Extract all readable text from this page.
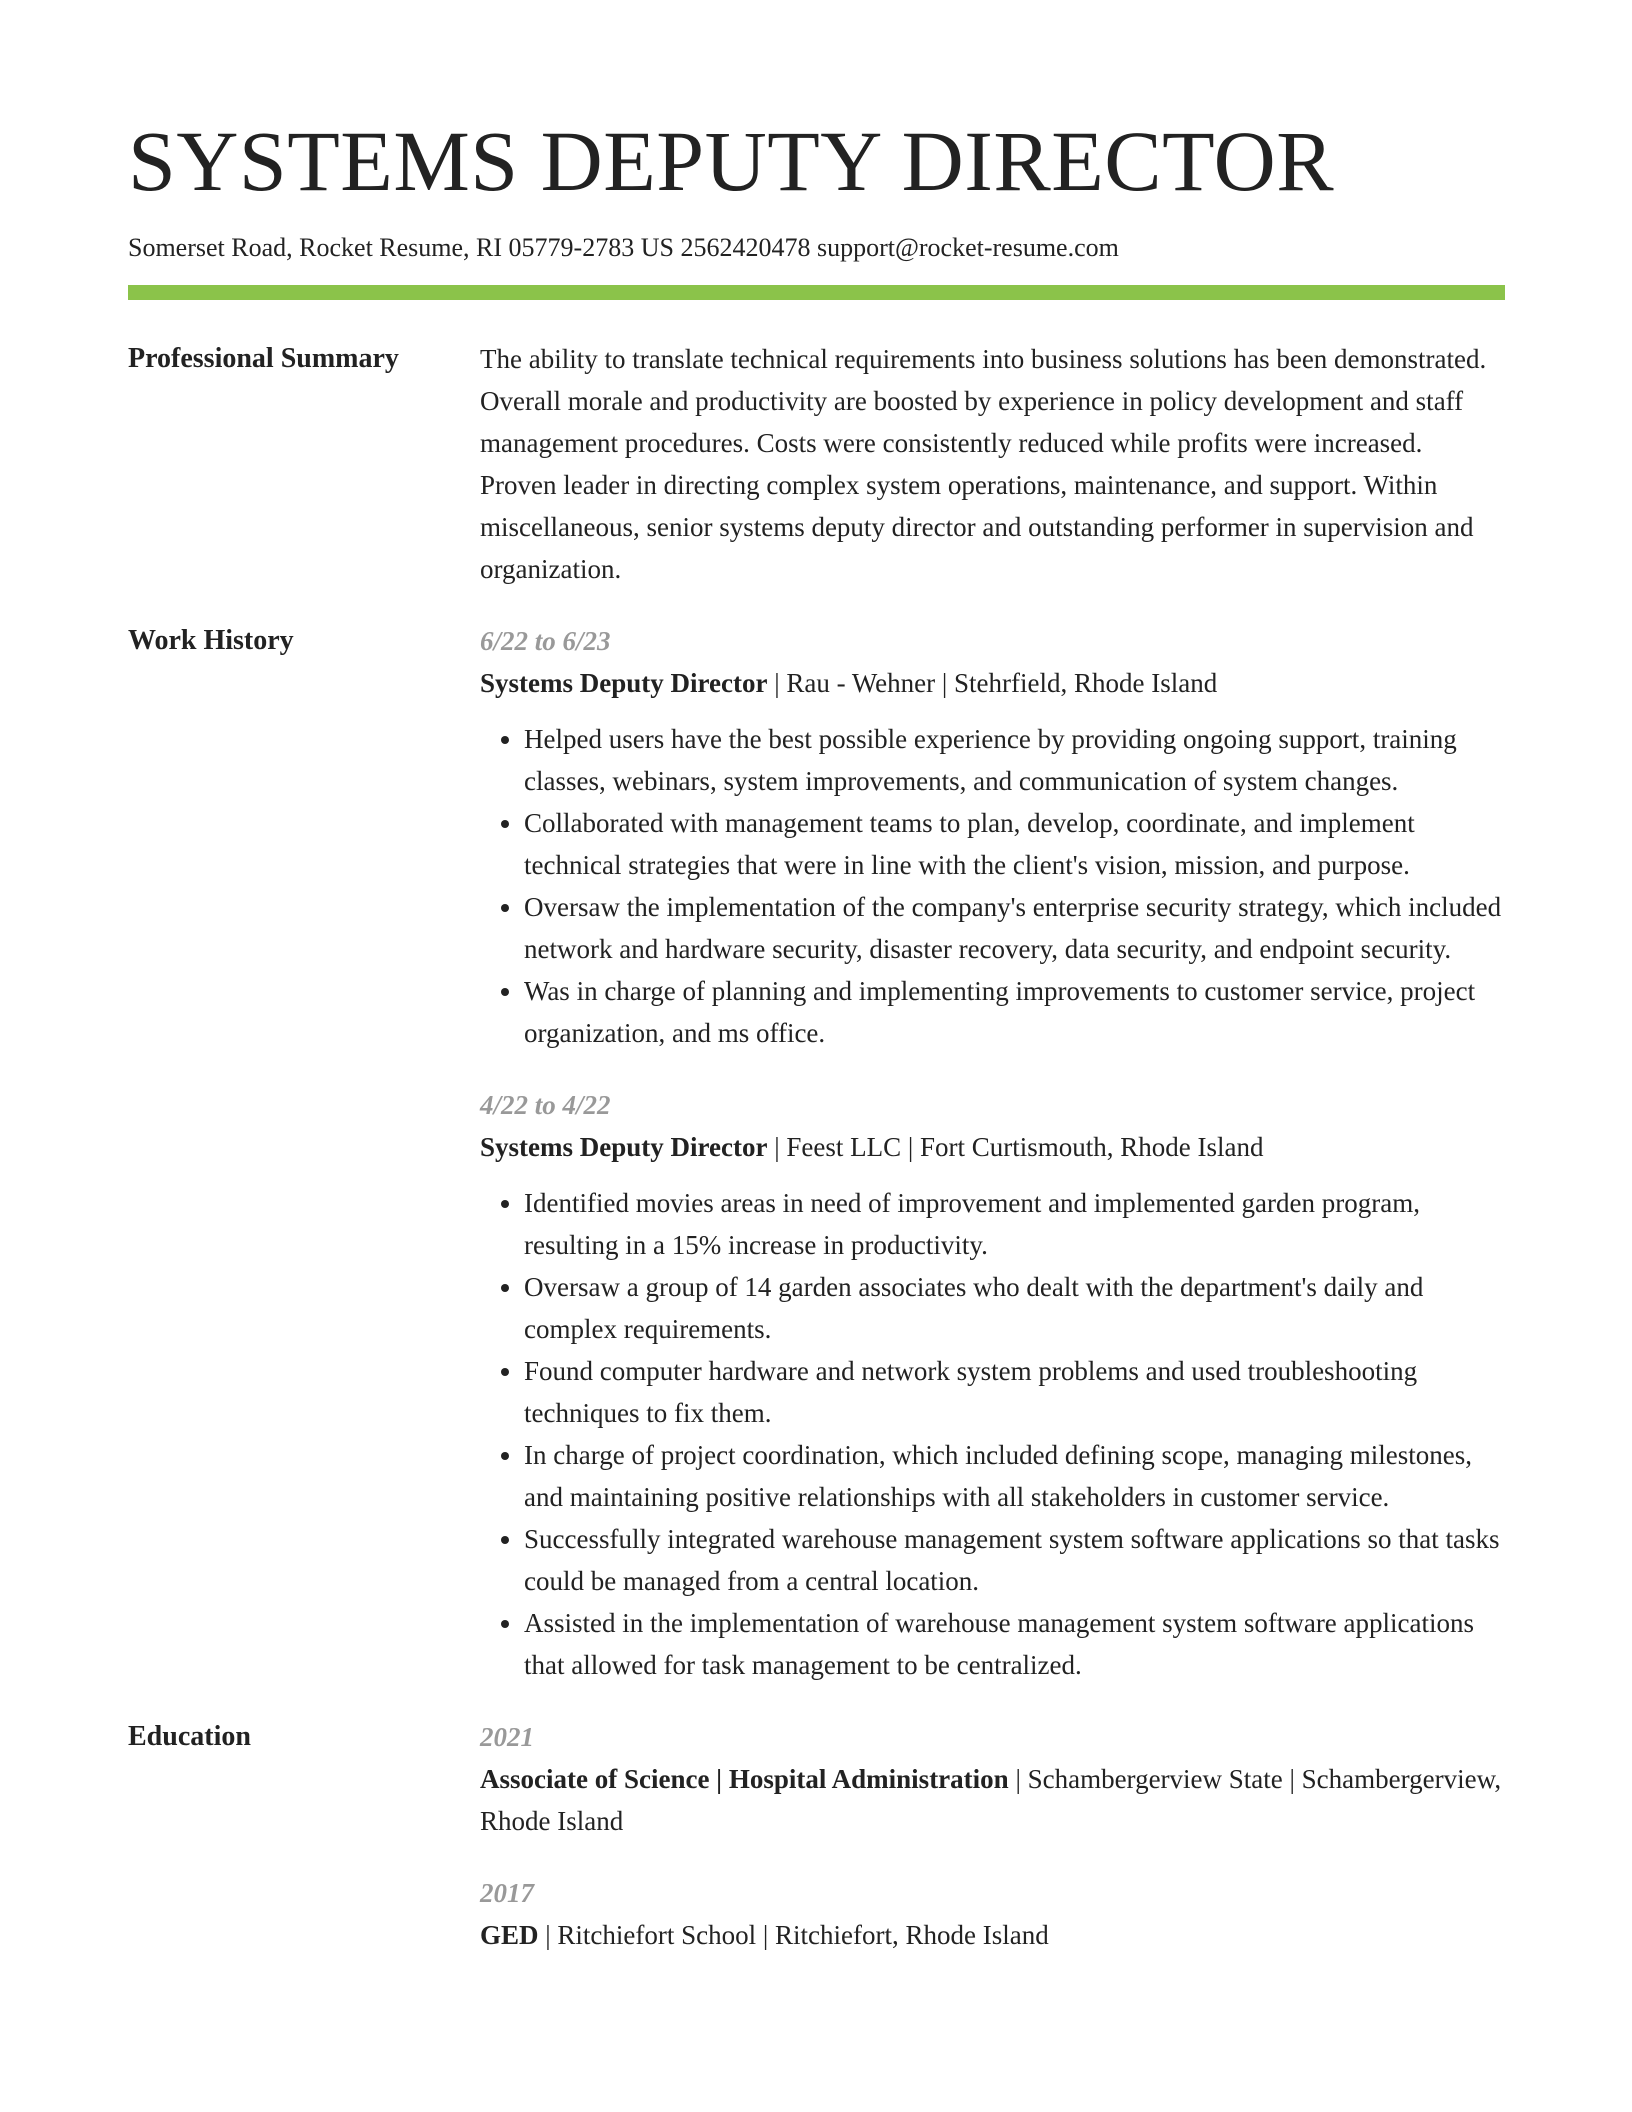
SYSTEMS DEPUTY DIRECTOR
Somerset Road, Rocket Resume, RI 05779-2783 US 2562420478 support@rocket-resume.com
Professional Summary	The ability to translate technical requirements into business solutions has been demonstrated. Overall morale and productivity are boosted by experience in policy development and staff management procedures. Costs were consistently reduced while profits were increased. Proven leader in directing complex system operations, maintenance, and support. Within miscellaneous, senior systems deputy director and outstanding performer in supervision and organization.

Work History	6/22 to 6/23
Systems Deputy Director | Rau - Wehner | Stehrfield, Rhode Island
• Helped users have the best possible experience by providing ongoing support, training classes, webinars, system improvements, and communication of system changes.
• Collaborated with management teams to plan, develop, coordinate, and implement technical strategies that were in line with the client's vision, mission, and purpose.
• Oversaw the implementation of the company's enterprise security strategy, which included network and hardware security, disaster recovery, data security, and endpoint security.
• Was in charge of planning and implementing improvements to customer service, project organization, and ms office.
4/22 to 4/22
Systems Deputy Director | Feest LLC | Fort Curtismouth, Rhode Island
• Identified movies areas in need of improvement and implemented garden program, resulting in a 15% increase in productivity.
• Oversaw a group of 14 garden associates who dealt with the department's daily and complex requirements.
• Found computer hardware and network system problems and used troubleshooting techniques to fix them.
• In charge of project coordination, which included defining scope, managing milestones, and maintaining positive relationships with all stakeholders in customer service.
• Successfully integrated warehouse management system software applications so that tasks could be managed from a central location.
• Assisted in the implementation of warehouse management system software applications that allowed for task management to be centralized.
Education	2021
Associate of Science | Hospital Administration | Schambergerview State | Schambergerview, Rhode Island
2017
GED | Ritchiefort School | Ritchiefort, Rhode Island
